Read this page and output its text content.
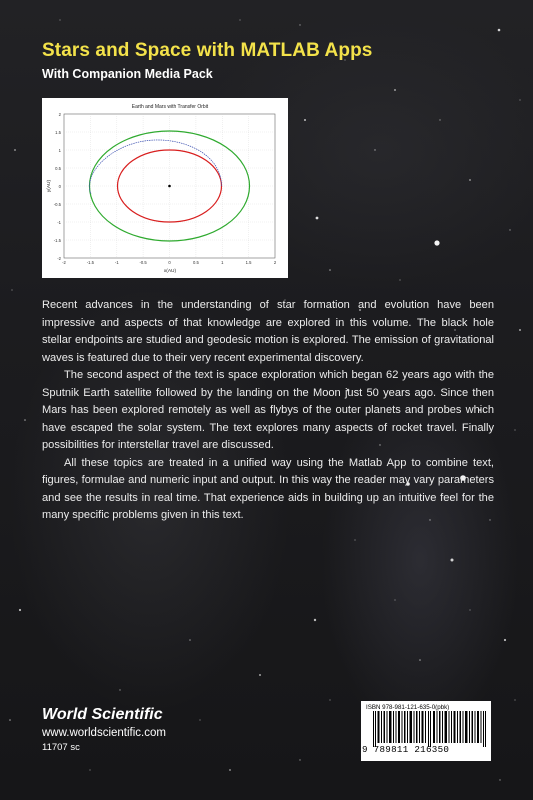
Stars and Space with MATLAB Apps
With Companion Media Pack
Earth and Mars with Transfer Orbit
-2	-1.5	-1	-0.5	0	0.5	1	1.5	2
2
1.5
1
0.5
0
-0.5
-1
-1.5
-2
x(AU)
y(AU)

Recent advances in the understanding of star formation and evolution have been impressive and aspects of that knowledge are explored in this volume. The black hole stellar endpoints are studied and geodesic motion is explored. The emission of gravitational waves is featured due to their very recent experimental discovery.

The second aspect of the text is space exploration which began 62 years ago with the Sputnik Earth satellite followed by the landing on the Moon just 50 years ago. Since then Mars has been explored remotely as well as flybys of the outer planets and probes which have escaped the solar system. The text explores many aspects of rocket travel. Finally possibilities for interstellar travel are discussed.

All these topics are treated in a unified way using the Matlab App to combine text, figures, formulae and numeric input and output. In this way the reader may vary parameters and see the results in real time. That experience aids in building up an intuitive feel for the many specific problems given in this text.

World Scientific
www.worldscientific.com
11707 sc
ISBN 978-981-121-635-0(pbk)
9 789811 216350
